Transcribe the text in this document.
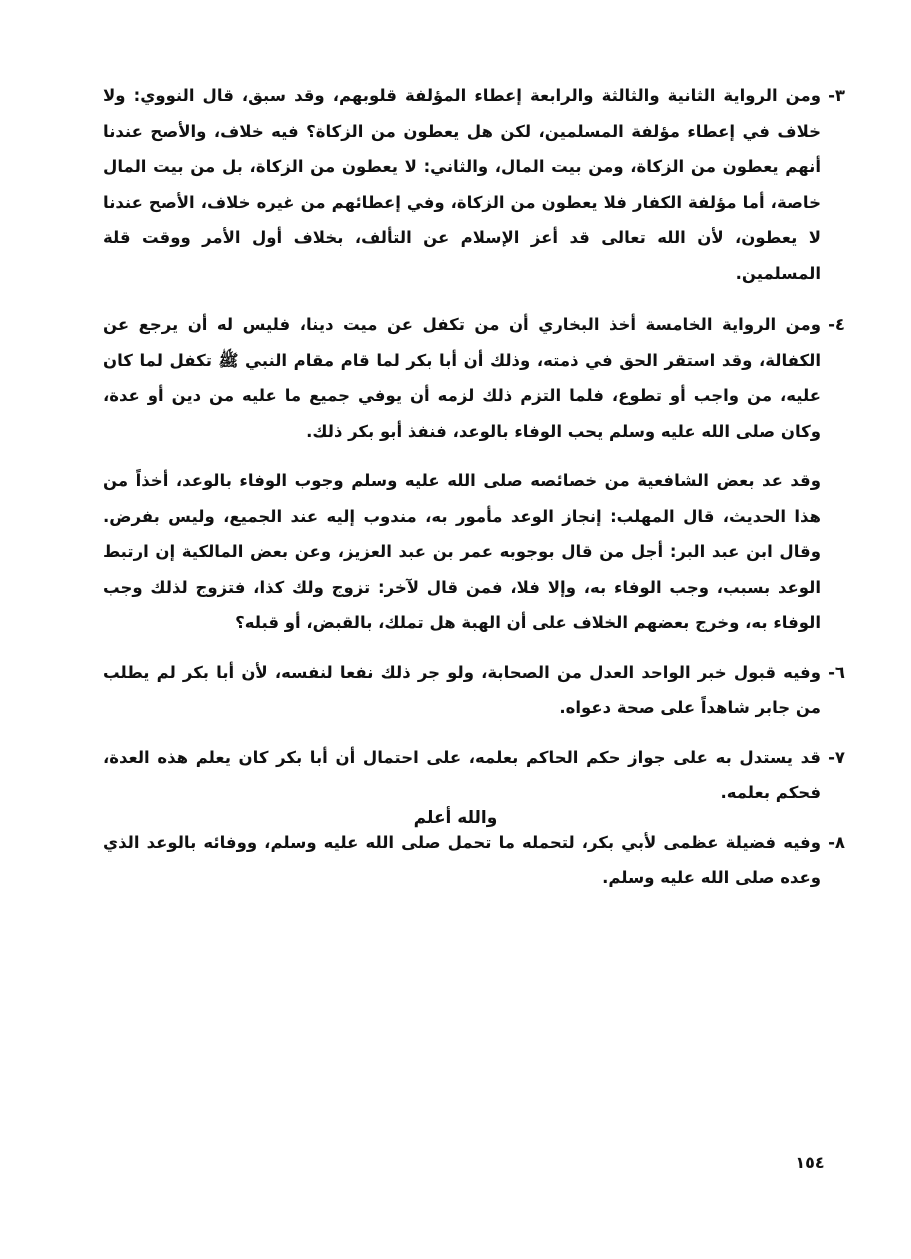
٣-
ومن الرواية الثانية والثالثة والرابعة إعطاء المؤلفة قلوبهم، وقد سبق، قال النووي: ولا خلاف في إعطاء مؤلفة المسلمين، لكن هل يعطون من الزكاة؟ فيه خلاف، والأصح عندنا أنهم يعطون من الزكاة، ومن بيت المال، والثاني: لا يعطون من الزكاة، بل من بيت المال خاصة، أما مؤلفة الكفار فلا يعطون من الزكاة، وفي إعطائهم من غيره خلاف، الأصح عندنا لا يعطون، لأن الله تعالى قد أعز الإسلام عن التألف، بخلاف أول الأمر ووقت قلة المسلمين.

٤-
ومن الرواية الخامسة أخذ البخاري أن من تكفل عن ميت دينا، فليس له أن يرجع عن الكفالة، وقد استقر الحق في ذمته، وذلك أن أبا بكر لما قام مقام النبي ﷺ تكفل لما كان عليه، من واجب أو تطوع، فلما التزم ذلك لزمه أن يوفي جميع ما عليه من دين أو عدة، وكان صلى الله عليه وسلم يحب الوفاء بالوعد، فنفذ أبو بكر ذلك.

وقد عد بعض الشافعية من خصائصه صلى الله عليه وسلم وجوب الوفاء بالوعد، أخذاً من هذا الحديث، قال المهلب: إنجاز الوعد مأمور به، مندوب إليه عند الجميع، وليس بفرض. وقال ابن عبد البر: أجل من قال بوجوبه عمر بن عبد العزيز، وعن بعض المالكية إن ارتبط الوعد بسبب، وجب الوفاء به، وإلا فلا، فمن قال لآخر: تزوج ولك كذا، فتزوج لذلك وجب الوفاء به، وخرج بعضهم الخلاف على أن الهبة هل تملك، بالقبض، أو قبله؟

٦-
وفيه قبول خبر الواحد العدل من الصحابة، ولو جر ذلك نفعا لنفسه، لأن أبا بكر لم يطلب من جابر شاهداً على صحة دعواه.

٧-
قد يستدل به على جواز حكم الحاكم بعلمه، على احتمال أن أبا بكر كان يعلم هذه العدة، فحكم بعلمه.

٨-
وفيه فضيلة عظمى لأبي بكر، لتحمله ما تحمل صلى الله عليه وسلم، ووفائه بالوعد الذي وعده صلى الله عليه وسلم.

والله أعلم
١٥٤
